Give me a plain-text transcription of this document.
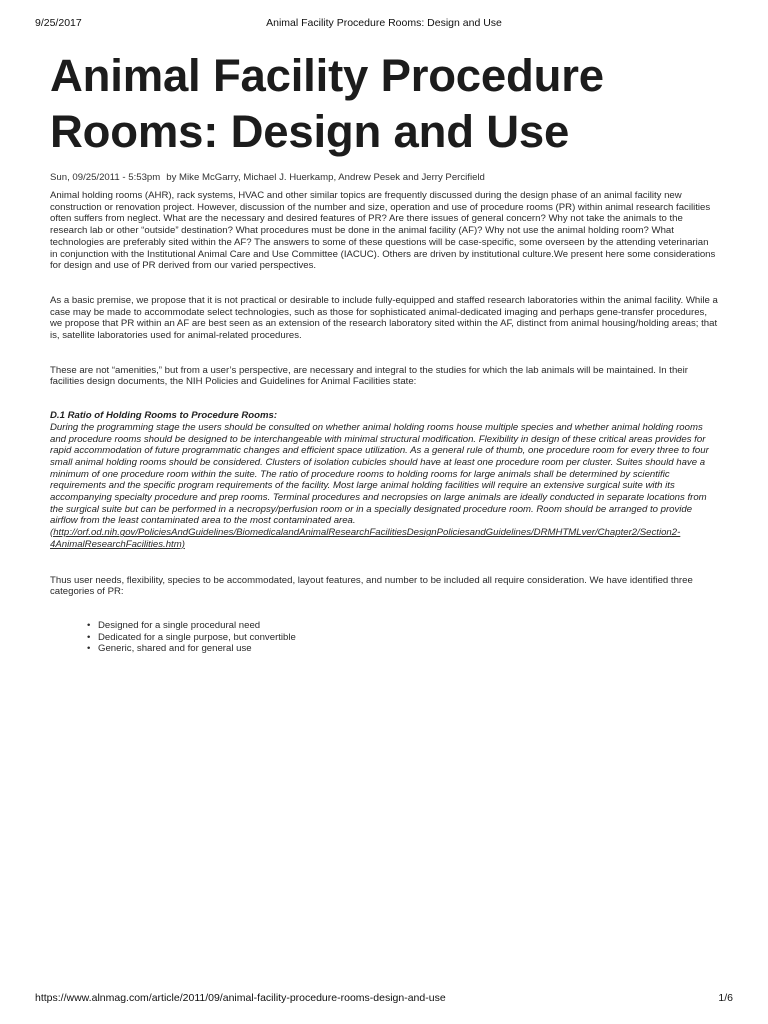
9/25/2017	Animal Facility Procedure Rooms: Design and Use
Animal Facility Procedure Rooms: Design and Use
Sun, 09/25/2011 - 5:53pm by Mike McGarry, Michael J. Huerkamp, Andrew Pesek and Jerry Percifield

Animal holding rooms (AHR), rack systems, HVAC and other similar topics are frequently discussed during the design phase of an animal facility new construction or renovation project. However, discussion of the number and size, operation and use of procedure rooms (PR) within animal research facilities often suffers from neglect. What are the necessary and desired features of PR? Are there issues of general concern? Why not take the animals to the research lab or other “outside” destination? What procedures must be done in the animal facility (AF)? Why not use the animal holding room? What technologies are preferably sited within the AF? The answers to some of these questions will be case-specific, some overseen by the attending veterinarian in conjunction with the Institutional Animal Care and Use Committee (IACUC). Others are driven by institutional culture.We present here some considerations for design and use of PR derived from our varied perspectives.

As a basic premise, we propose that it is not practical or desirable to include fully-equipped and staffed research laboratories within the animal facility. While a case may be made to accommodate select technologies, such as those for sophisticated animal-dedicated imaging and perhaps gene-transfer procedures, we propose that PR within an AF are best seen as an extension of the research laboratory sited within the AF, distinct from animal housing/holding areas; that is, satellite laboratories used for animal-related procedures.

These are not “amenities,” but from a user’s perspective, are necessary and integral to the studies for which the lab animals will be maintained. In their facilities design documents, the NIH Policies and Guidelines for Animal Facilities state:

D.1 Ratio of Holding Rooms to Procedure Rooms:
During the programming stage the users should be consulted on whether animal holding rooms house multiple species and whether animal holding rooms and procedure rooms should be designed to be interchangeable with minimal structural modification. Flexibility in design of these critical areas provides for rapid accommodation of future programmatic changes and efficient space utilization. As a general rule of thumb, one procedure room for every three to four small animal holding rooms should be considered. Clusters of isolation cubicles should have at least one procedure room per cluster. Suites should have a minimum of one procedure room within the suite. The ratio of procedure rooms to holding rooms for large animals shall be determined by scientific requirements and the specific program requirements of the facility. Most large animal holding facilities will require an extensive surgical suite with its accompanying specialty procedure and prep rooms. Terminal procedures and necropsies on large animals are ideally conducted in separate locations from the surgical suite but can be performed in a necropsy/perfusion room or in a specially designated procedure room. Room should be arranged to provide airflow from the least contaminated area to the most contaminated area.
(http://orf.od.nih.gov/PoliciesAndGuidelines/BiomedicalandAnimalResearchFacilitiesDesignPoliciesandGuidelines/DRMHTMLver/Chapter2/Section2-4AnimalResearchFacilities.htm)

Thus user needs, flexibility, species to be accommodated, layout features, and number to be included all require consideration. We have identified three categories of PR:

• Designed for a single procedural need
• Dedicated for a single purpose, but convertible
• Generic, shared and for general use
https://www.alnmag.com/article/2011/09/animal-facility-procedure-rooms-design-and-use	1/6
